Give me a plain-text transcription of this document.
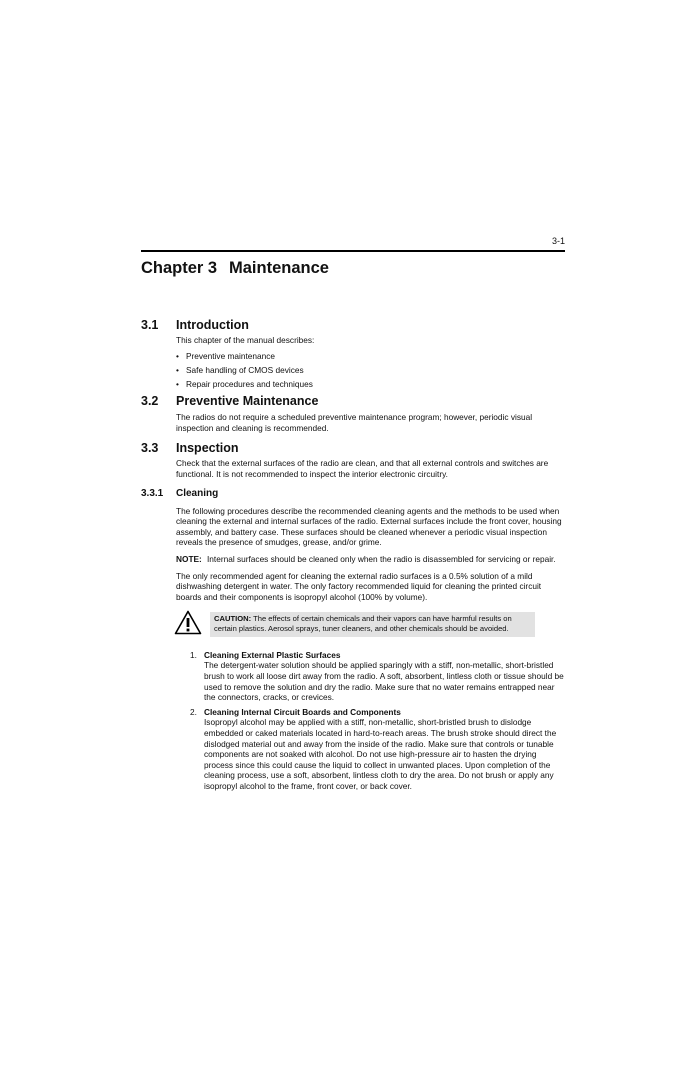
3-1
Chapter 3 Maintenance
3.1	Introduction

This chapter of the manual describes:

• Preventive maintenance
• Safe handling of CMOS devices
• Repair procedures and techniques
3.2	Preventive Maintenance

The radios do not require a scheduled preventive maintenance program; however, periodic visual inspection and cleaning is recommended.

3.3	Inspection

Check that the external surfaces of the radio are clean, and that all external controls and switches are functional. It is not recommended to inspect the interior electronic circuitry.

3.3.1	Cleaning

The following procedures describe the recommended cleaning agents and the methods to be used when cleaning the external and internal surfaces of the radio. External surfaces include the front cover, housing assembly, and battery case. These surfaces should be cleaned whenever a periodic visual inspection reveals the presence of smudges, grease, and/or grime.

NOTE: Internal surfaces should be cleaned only when the radio is disassembled for servicing or repair.

The only recommended agent for cleaning the external radio surfaces is a 0.5% solution of a mild dishwashing detergent in water. The only factory recommended liquid for cleaning the printed circuit boards and their components is isopropyl alcohol (100% by volume).

CAUTION: The effects of certain chemicals and their vapors can have harmful results on certain plastics. Aerosol sprays, tuner cleaners, and other chemicals should be avoided.
1. Cleaning External Plastic Surfaces
The detergent-water solution should be applied sparingly with a stiff, non-metallic, short-bristled brush to work all loose dirt away from the radio. A soft, absorbent, lintless cloth or tissue should be used to remove the solution and dry the radio. Make sure that no water remains entrapped near the connectors, cracks, or crevices.
2. Cleaning Internal Circuit Boards and Components
Isopropyl alcohol may be applied with a stiff, non-metallic, short-bristled brush to dislodge embedded or caked materials located in hard-to-reach areas. The brush stroke should direct the dislodged material out and away from the inside of the radio. Make sure that controls or tunable components are not soaked with alcohol. Do not use high-pressure air to hasten the drying process since this could cause the liquid to collect in unwanted places. Upon completion of the cleaning process, use a soft, absorbent, lintless cloth to dry the area. Do not brush or apply any isopropyl alcohol to the frame, front cover, or back cover.
